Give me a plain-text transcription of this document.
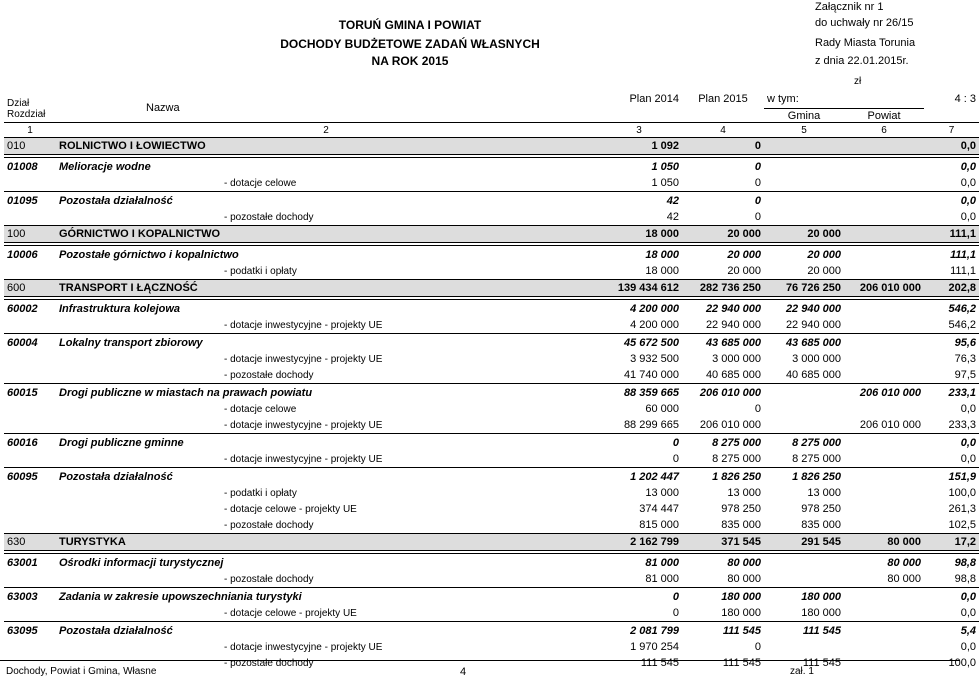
TORUŃ GMINA I POWIAT
DOCHODY BUDŻETOWE ZADAŃ WŁASNYCH
NA ROK 2015
Załącznik nr 1
do uchwały nr 26/15
Rady Miasta Torunia
z dnia 22.01.2015r.
zł
Dział		Plan 2014	Plan 2015	w tym:		4 : 3
Rozdział	Nazwa			Gmina	Powiat	
1	2	3	4	5	6	7
010	ROLNICTWO I ŁOWIECTWO	1 092	0			0,0

01008	Melioracje wodne	1 050	0			0,0
	- dotacje celowe	1 050	0			0,0
01095	Pozostała działalność	42	0			0,0
	- pozostałe dochody	42	0			0,0
100	GÓRNICTWO I KOPALNICTWO	18 000	20 000	20 000		111,1

10006	Pozostałe górnictwo i kopalnictwo	18 000	20 000	20 000		111,1
	- podatki i opłaty	18 000	20 000	20 000		111,1
600	TRANSPORT I ŁĄCZNOŚĆ	139 434 612	282 736 250	76 726 250	206 010 000	202,8

60002	Infrastruktura kolejowa	4 200 000	22 940 000	22 940 000		546,2
	- dotacje inwestycyjne - projekty UE	4 200 000	22 940 000	22 940 000		546,2
60004	Lokalny transport zbiorowy	45 672 500	43 685 000	43 685 000		95,6
	- dotacje inwestycyjne - projekty UE	3 932 500	3 000 000	3 000 000		76,3
	- pozostałe dochody	41 740 000	40 685 000	40 685 000		97,5
60015	Drogi publiczne w miastach na prawach powiatu	88 359 665	206 010 000		206 010 000	233,1
	- dotacje celowe	60 000	0			0,0
	- dotacje inwestycyjne - projekty UE	88 299 665	206 010 000		206 010 000	233,3
60016	Drogi publiczne gminne	0	8 275 000	8 275 000		0,0
	- dotacje inwestycyjne - projekty UE	0	8 275 000	8 275 000		0,0
60095	Pozostała działalność	1 202 447	1 826 250	1 826 250		151,9
	- podatki i opłaty	13 000	13 000	13 000		100,0
	- dotacje celowe - projekty UE	374 447	978 250	978 250		261,3
	- pozostałe dochody	815 000	835 000	835 000		102,5
630	TURYSTYKA	2 162 799	371 545	291 545	80 000	17,2

63001	Ośrodki informacji turystycznej	81 000	80 000		80 000	98,8
	- pozostałe dochody	81 000	80 000		80 000	98,8
63003	Zadania w zakresie upowszechniania turystyki	0	180 000	180 000		0,0
	- dotacje celowe - projekty UE	0	180 000	180 000		0,0
63095	Pozostała działalność	2 081 799	111 545	111 545		5,4
	- dotacje inwestycyjne - projekty UE	1 970 254	0			0,0
	- pozostałe dochody	111 545	111 545	111 545		100,0
Dochody, Powiat i Gmina, Własne	4	zał. 1
